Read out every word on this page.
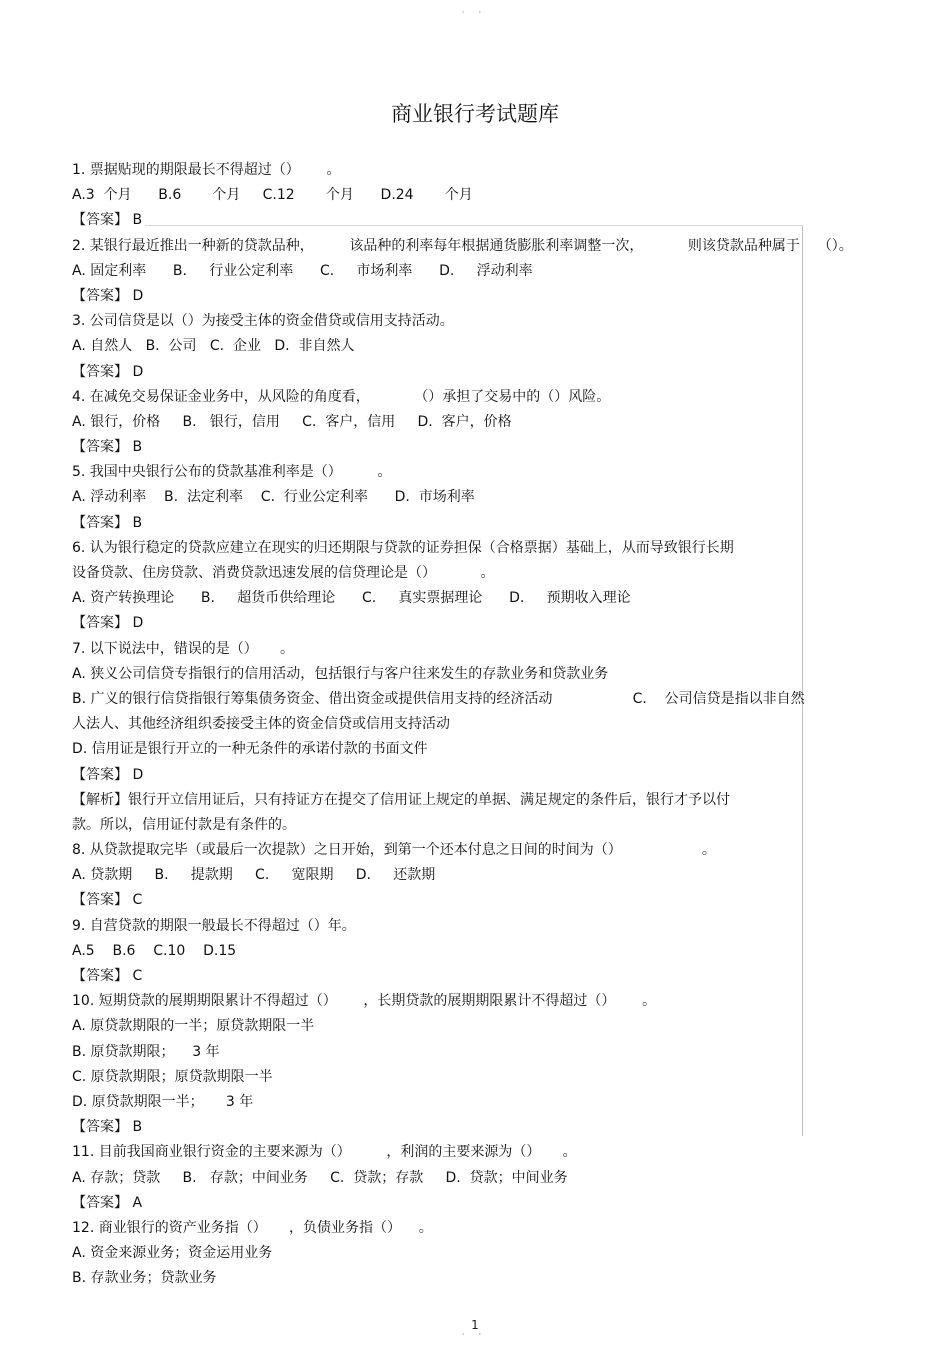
' '
商业银行考试题库
1. 票据贴现的期限最长不得超过（）      。
A.3  个月      B.6       个月     C.12       个月      D.24       个月
【答案】 B
2. 某银行最近推出一种新的贷款品种，        该品种的利率每年根据通货膨胀利率调整一次，          则该贷款品种属于    （）。
A. 固定利率      B.     行业公定利率      C.     市场利率      D.     浮动利率
【答案】 D
3. 公司信贷是以（）为接受主体的资金借贷或信用支持活动。
A. 自然人   B.  公司   C.  企业   D.  非自然人
【答案】 D
4. 在减免交易保证金业务中，从风险的角度看，          （）承担了交易中的（）风险。
A. 银行，价格     B.   银行，信用     C.  客户，信用     D.  客户，价格
【答案】 B
5. 我国中央银行公布的贷款基准利率是（）        。
A. 浮动利率    B.  法定利率    C.  行业公定利率      D.  市场利率
【答案】 B
6. 认为银行稳定的贷款应建立在现实的归还期限与贷款的证券担保（合格票据）基础上，从而导致银行长期
设备贷款、住房贷款、消费贷款迅速发展的信贷理论是（）          。
A. 资产转换理论      B.     超货币供给理论      C.     真实票据理论      D.     预期收入理论
【答案】 D
7. 以下说法中，错误的是（）     。
A. 狭义公司信贷专指银行的信用活动，包括银行与客户往来发生的存款业务和贷款业务
B. 广义的银行信贷指银行筹集债务资金、借出资金或提供信用支持的经济活动                  C.    公司信贷是指以非自然
人法人、其他经济组织委接受主体的资金信贷或信用支持活动
D. 信用证是银行开立的一种无条件的承诺付款的书面文件
【答案】 D
【解析】银行开立信用证后，只有持证方在提交了信用证上规定的单据、满足规定的条件后，银行才予以付
款。所以，信用证付款是有条件的。
8. 从贷款提取完毕（或最后一次提款）之日开始，到第一个还本付息之日间的时间为（）                  。
A. 贷款期     B.     提款期     C.     宽限期     D.     还款期
【答案】 C
9. 自营贷款的期限一般最长不得超过（）年。
A.5    B.6    C.10    D.15
【答案】 C
10. 短期贷款的展期期限累计不得超过（）      ，长期贷款的展期期限累计不得超过（）      。
A. 原贷款期限的一半；原贷款期限一半
B. 原贷款期限；    3 年
C. 原贷款期限；原贷款期限一半
D. 原贷款期限一半；     3 年
【答案】 B
11. 目前我国商业银行资金的主要来源为（）        ，利润的主要来源为（）     。
A. 存款；贷款     B.   存款；中间业务     C.  贷款；存款     D.  贷款；中间业务
【答案】 A
12. 商业银行的资产业务指（）     ，负债业务指（）    。
A. 资金来源业务；资金运用业务
B. 存款业务；贷款业务
1
' '
